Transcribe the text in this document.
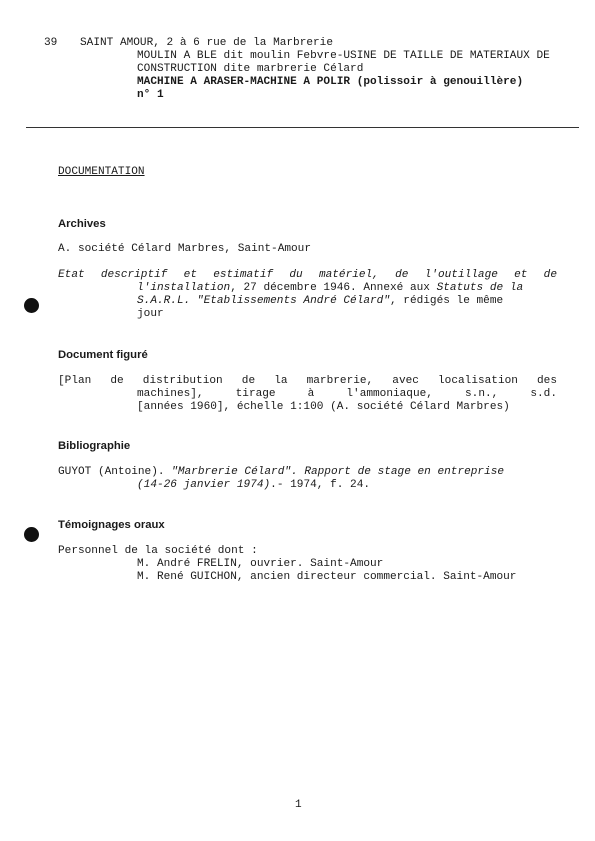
39 SAINT AMOUR, 2 à 6 rue de la Marbrerie
MOULIN A BLE dit moulin Febvre-USINE DE TAILLE DE MATERIAUX DE
CONSTRUCTION dite marbrerie Célard
MACHINE A ARASER-MACHINE A POLIR (polissoir à genouillère)
n° 1
DOCUMENTATION
Archives
A. société Célard Marbres, Saint-Amour
Etat descriptif et estimatif du matériel, de l'outillage et de
l'installation, 27 décembre 1946. Annexé aux Statuts de la
S.A.R.L. "Etablissements André Célard", rédigés le même
jour
Document figuré
[Plan de distribution de la marbrerie, avec localisation des
machines], tirage à l'ammoniaque, s.n., s.d.
[années 1960], échelle 1:100 (A. société Célard Marbres)
Bibliographie
GUYOT (Antoine). "Marbrerie Célard". Rapport de stage en entreprise
(14-26 janvier 1974).- 1974, f. 24.
Témoignages oraux
Personnel de la société dont :
M. André FRELIN, ouvrier. Saint-Amour
M. René GUICHON, ancien directeur commercial. Saint-Amour
1
